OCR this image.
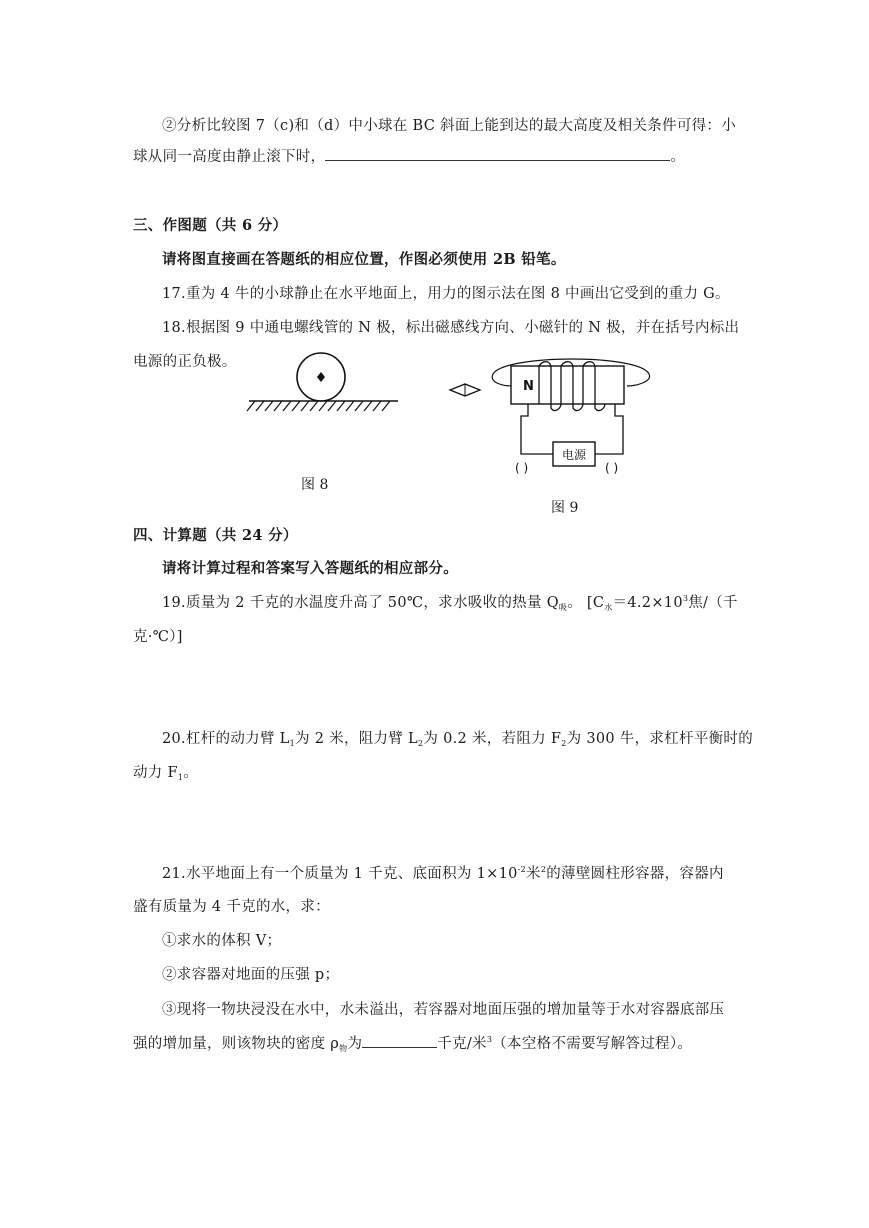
②分析比较图 7（c)和（d）中小球在 BC 斜面上能到达的最大高度及相关条件可得：小
球从同一高度由静止滚下时，	。
三、作图题（共 6 分）
请将图直接画在答题纸的相应位置，作图必须使用 2B 铅笔。
17.重为 4 牛的小球静止在水平地面上，用力的图示法在图 8 中画出它受到的重力 G。
18.根据图 9 中通电螺线管的 N 极，标出磁感线方向、小磁针的 N 极，并在括号内标出
电源的正负极。
图 8
N
电源
( )	( )
图 9
四、计算题（共 24 分）
请将计算过程和答案写入答题纸的相应部分。
19.质量为 2 千克的水温度升高了 50℃，求水吸收的热量 $Q_吸$。 [$C_水=4.2\times 10^3$焦/（千
克·℃）]
20.杠杆的动力臂 $L_1$为 2 米，阻力臂 $L_2$为 0.2 米，若阻力 $F_2$为 300 牛，求杠杆平衡时的
动力 $F_1$。
21.水平地面上有一个质量为 1 千克、底面积为 $1\times 10^{-2}$米$^2$的薄壁圆柱形容器，容器内
盛有质量为 4 千克的水，求：
①求水的体积 V；
②求容器对地面的压强 p；
③现将一物块浸没在水中，水未溢出，若容器对地面压强的增加量等于水对容器底部压
强的增加量，则该物块的密度 $\rho_物$为	千克/米$^3$（本空格不需要写解答过程）。
